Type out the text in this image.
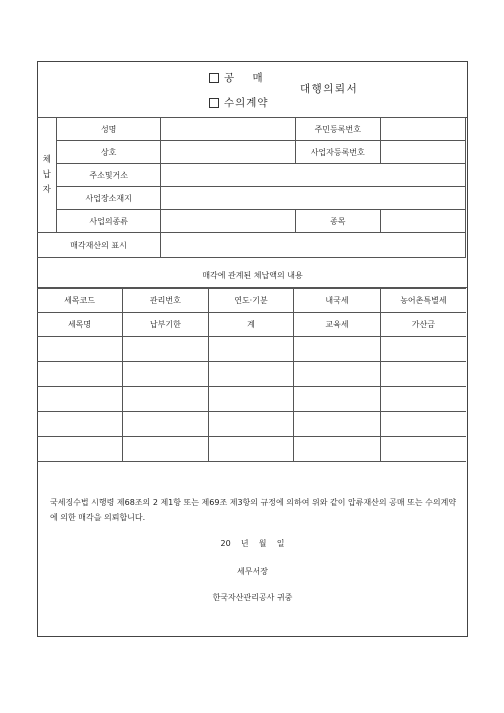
공    매
대행의뢰서
수의계약
체
납
자	성명		주민등록번호	
	상호		사업자등록번호	
	주소및거소			
	사업장소재지			
	사업의종류		종목	
매각재산의 표시				
매각에 관계된 체납액의 내용
세목코드	관리번호	연도·기분	내국세	농어촌특별세
세목명	납부기한	계	교육세	가산금

국세징수법 시행령 제68조의 2 제1항 또는 제69조 제3항의 규정에 의하여 위와 같이 압류재산의 공매 또는 수의계약에 의한 매각을 의뢰합니다.
20    년    월    일
세무서장
한국자산관리공사 귀중
